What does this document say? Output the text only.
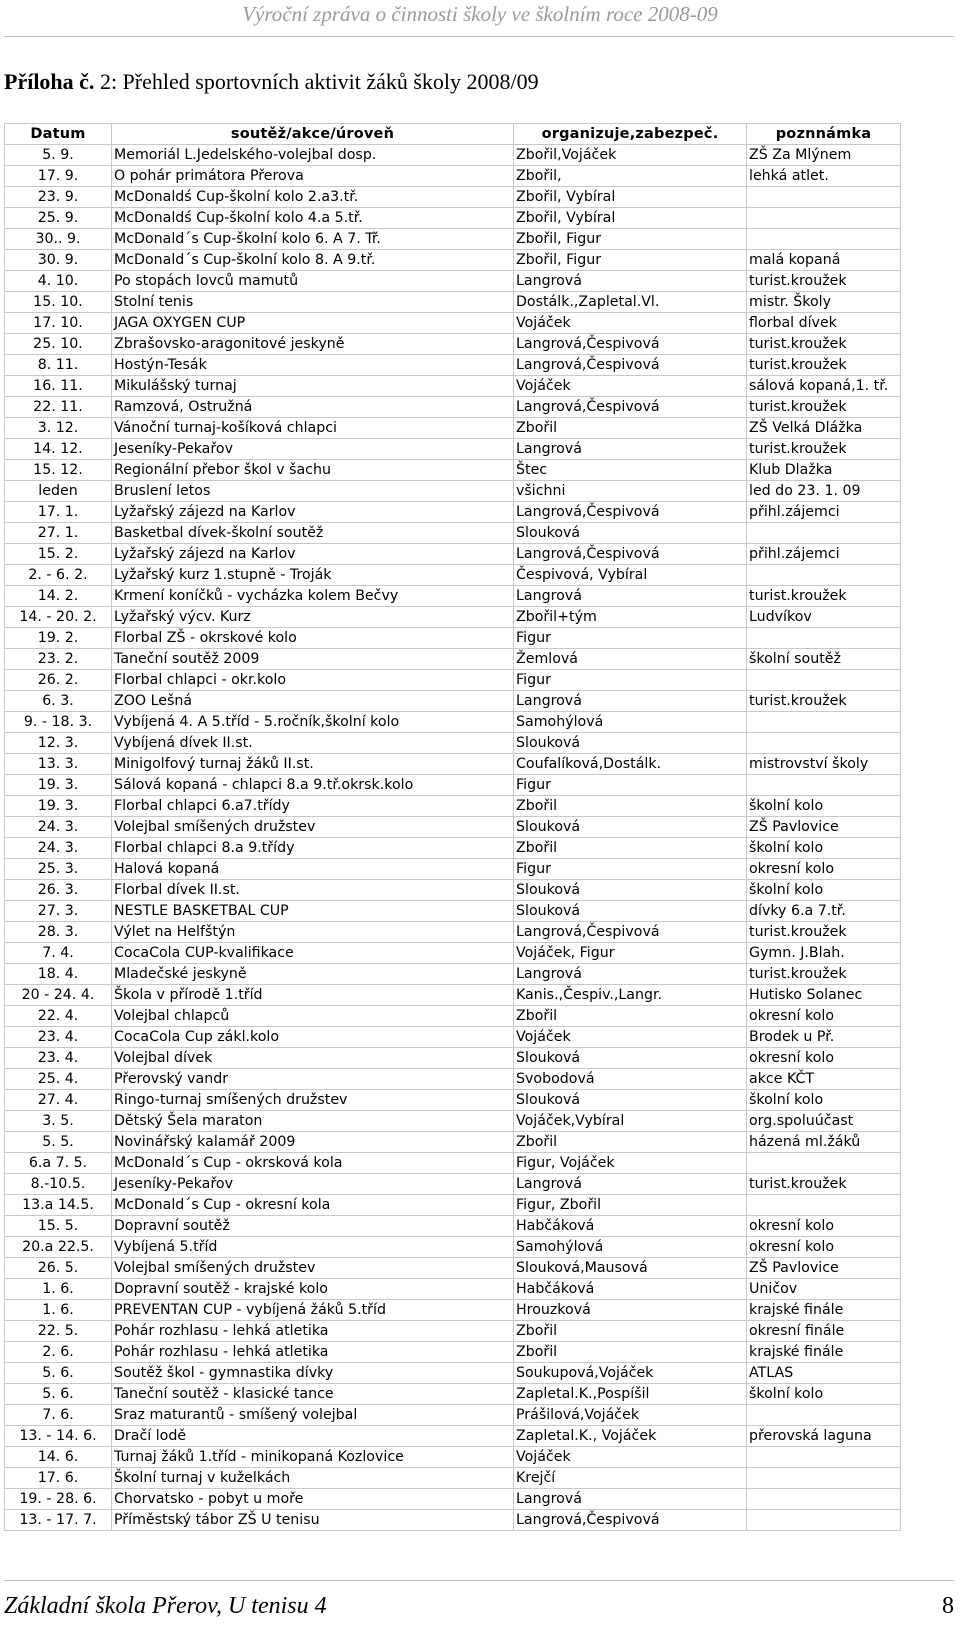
Výroční zpráva o činnosti školy ve školním roce 2008-09
Příloha č. 2: Přehled sportovních aktivit žáků školy 2008/09
Datum	soutěž/akce/úroveň	organizuje,zabezpeč.	poznnámka
5. 9.	Memoriál L.Jedelského-volejbal dosp.	Zbořil,Vojáček	ZŠ Za Mlýnem
17. 9.	O pohár primátora Přerova	Zbořil,	lehká atlet.
23. 9.	McDonaldś Cup-školní kolo 2.a3.tř.	Zbořil, Vybíral	
25. 9.	McDonaldś Cup-školní kolo 4.a 5.tř.	Zbořil, Vybíral	
30.. 9.	McDonald´s Cup-školní kolo 6. A 7. Tř.	Zbořil, Figur	
30. 9.	McDonald´s Cup-školní kolo 8. A 9.tř.	Zbořil, Figur	malá kopaná
4. 10.	Po stopách lovců mamutů	Langrová	turist.kroužek
15. 10.	Stolní tenis	Dostálk.,Zapletal.Vl.	mistr. Školy
17. 10.	JAGA OXYGEN CUP	Vojáček	florbal dívek
25. 10.	Zbrašovsko-aragonitové jeskyně	Langrová,Čespivová	turist.kroužek
8. 11.	Hostýn-Tesák	Langrová,Čespivová	turist.kroužek
16. 11.	Mikulášský turnaj	Vojáček	sálová kopaná,1. tř.
22. 11.	Ramzová, Ostružná	Langrová,Čespivová	turist.kroužek
3. 12.	Vánoční turnaj-košíková chlapci	Zbořil	ZŠ Velká Dlážka
14. 12.	Jeseníky-Pekařov	Langrová	turist.kroužek
15. 12.	Regionální přebor škol v šachu	Štec	Klub Dlažka
leden	Bruslení letos	všichni	led do 23. 1. 09
17. 1.	Lyžařský zájezd na Karlov	Langrová,Čespivová	přihl.zájemci
27. 1.	Basketbal dívek-školní soutěž	Slouková	
15. 2.	Lyžařský zájezd na Karlov	Langrová,Čespivová	přihl.zájemci
2. - 6. 2.	Lyžařský kurz 1.stupně - Troják	Čespivová, Vybíral	
14. 2.	Krmení koníčků - vycházka kolem Bečvy	Langrová	turist.kroužek
14. - 20. 2.	Lyžařský výcv. Kurz	Zbořil+tým	Ludvíkov
19. 2.	Florbal ZŠ - okrskové kolo	Figur	
23. 2.	Taneční soutěž 2009	Žemlová	školní soutěž
26. 2.	Florbal chlapci - okr.kolo	Figur	
6. 3.	ZOO Lešná	Langrová	turist.kroužek
9. - 18. 3.	Vybíjená 4. A 5.tříd - 5.ročník,školní kolo	Samohýlová	
12. 3.	Vybíjená dívek II.st.	Slouková	
13. 3.	Minigolfový turnaj žáků II.st.	Coufalíková,Dostálk.	mistrovství školy
19. 3.	Sálová kopaná - chlapci 8.a 9.tř.okrsk.kolo	Figur	
19. 3.	Florbal chlapci 6.a7.třídy	Zbořil	školní kolo
24. 3.	Volejbal smíšených družstev	Slouková	ZŠ Pavlovice
24. 3.	Florbal chlapci 8.a 9.třídy	Zbořil	školní kolo
25. 3.	Halová kopaná	Figur	okresní kolo
26. 3.	Florbal dívek II.st.	Slouková	školní kolo
27. 3.	NESTLE BASKETBAL CUP	Slouková	dívky 6.a 7.tř.
28. 3.	Výlet na Helfštýn	Langrová,Čespivová	turist.kroužek
7. 4.	CocaCola CUP-kvalifikace	Vojáček, Figur	Gymn. J.Blah.
18. 4.	Mladečské jeskyně	Langrová	turist.kroužek
20 - 24. 4.	Škola v přírodě 1.tříd	Kanis.,Čespiv.,Langr.	Hutisko Solanec
22. 4.	Volejbal chlapců	Zbořil	okresní kolo
23. 4.	CocaCola Cup zákl.kolo	Vojáček	Brodek u Př.
23. 4.	Volejbal dívek	Slouková	okresní kolo
25. 4.	Přerovský vandr	Svobodová	akce KČT
27. 4.	Ringo-turnaj smíšených družstev	Slouková	školní kolo
3. 5.	Dětský Šela maraton	Vojáček,Vybíral	org.spoluúčast
5. 5.	Novinářský kalamář 2009	Zbořil	házená ml.žáků
6.a 7. 5.	McDonald´s Cup - okrsková kola	Figur, Vojáček	
8.-10.5.	Jeseníky-Pekařov	Langrová	turist.kroužek
13.a 14.5.	McDonald´s Cup - okresní kola	Figur, Zbořil	
15. 5.	Dopravní soutěž	Habčáková	okresní kolo
20.a 22.5.	Vybíjená 5.tříd	Samohýlová	okresní kolo
26. 5.	Volejbal smíšených družstev	Slouková,Mausová	ZŠ Pavlovice
1. 6.	Dopravní soutěž - krajské kolo	Habčáková	Uničov
1. 6.	PREVENTAN CUP - vybíjená žáků 5.tříd	Hrouzková	krajské finále
22. 5.	Pohár rozhlasu - lehká atletika	Zbořil	okresní finále
2. 6.	Pohár rozhlasu - lehká atletika	Zbořil	krajské finále
5. 6.	Soutěž škol - gymnastika dívky	Soukupová,Vojáček	ATLAS
5. 6.	Taneční soutěž - klasické tance	Zapletal.K.,Pospíšil	školní kolo
7. 6.	Sraz maturantů - smíšený volejbal	Prášilová,Vojáček	
13. - 14. 6.	Dračí lodě	Zapletal.K., Vojáček	přerovská laguna
14. 6.	Turnaj žáků 1.tříd - minikopaná Kozlovice	Vojáček	
17. 6.	Školní turnaj v kuželkách	Krejčí	
19. - 28. 6.	Chorvatsko - pobyt u moře	Langrová	
13. - 17. 7.	Příměstský tábor ZŠ U tenisu	Langrová,Čespivová	
Základní škola Přerov, U tenisu 4	8
